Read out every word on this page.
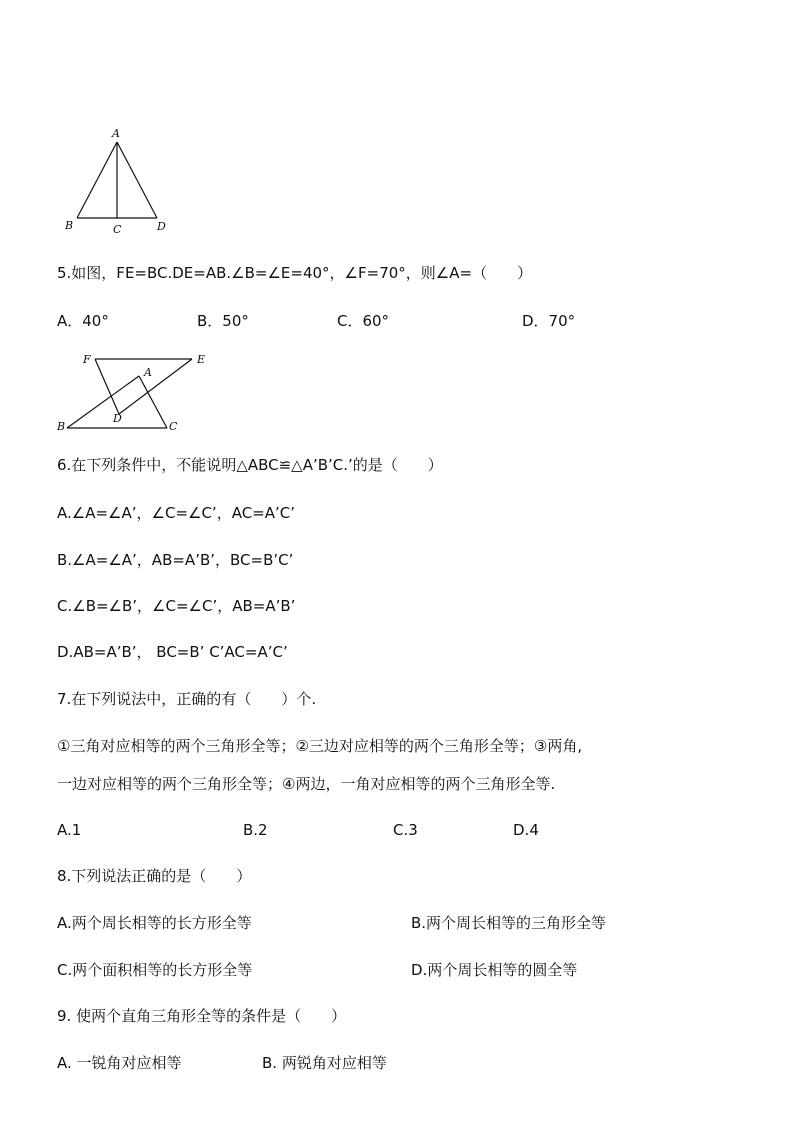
A
B	C	D
5.如图，FE=BC.DE=AB.∠B=∠E=40°，∠F=70°，则∠A=（　　）
A．40°	B．50°	C．60°	D．70°
F	E
A
D
B	C
6.在下列条件中，不能说明△ABC≌△A’B’C.’的是（　　）
A.∠A=∠A’，∠C=∠C’，AC=A’C’
B.∠A=∠A’，AB=A’B’，BC=B’C’
C.∠B=∠B’，∠C=∠C’，AB=A’B’
D.AB=A’B’， BC=B’ C’AC=A’C’
7.在下列说法中，正确的有（　　）个.
①三角对应相等的两个三角形全等；②三边对应相等的两个三角形全等；③两角,
一边对应相等的两个三角形全等；④两边，一角对应相等的两个三角形全等.
A.1	B.2	C.3	D.4
8.下列说法正确的是（　　）
A.两个周长相等的长方形全等	B.两个周长相等的三角形全等
C.两个面积相等的长方形全等	D.两个周长相等的圆全等
9. 使两个直角三角形全等的条件是（　　）
A. 一锐角对应相等	B. 两锐角对应相等
